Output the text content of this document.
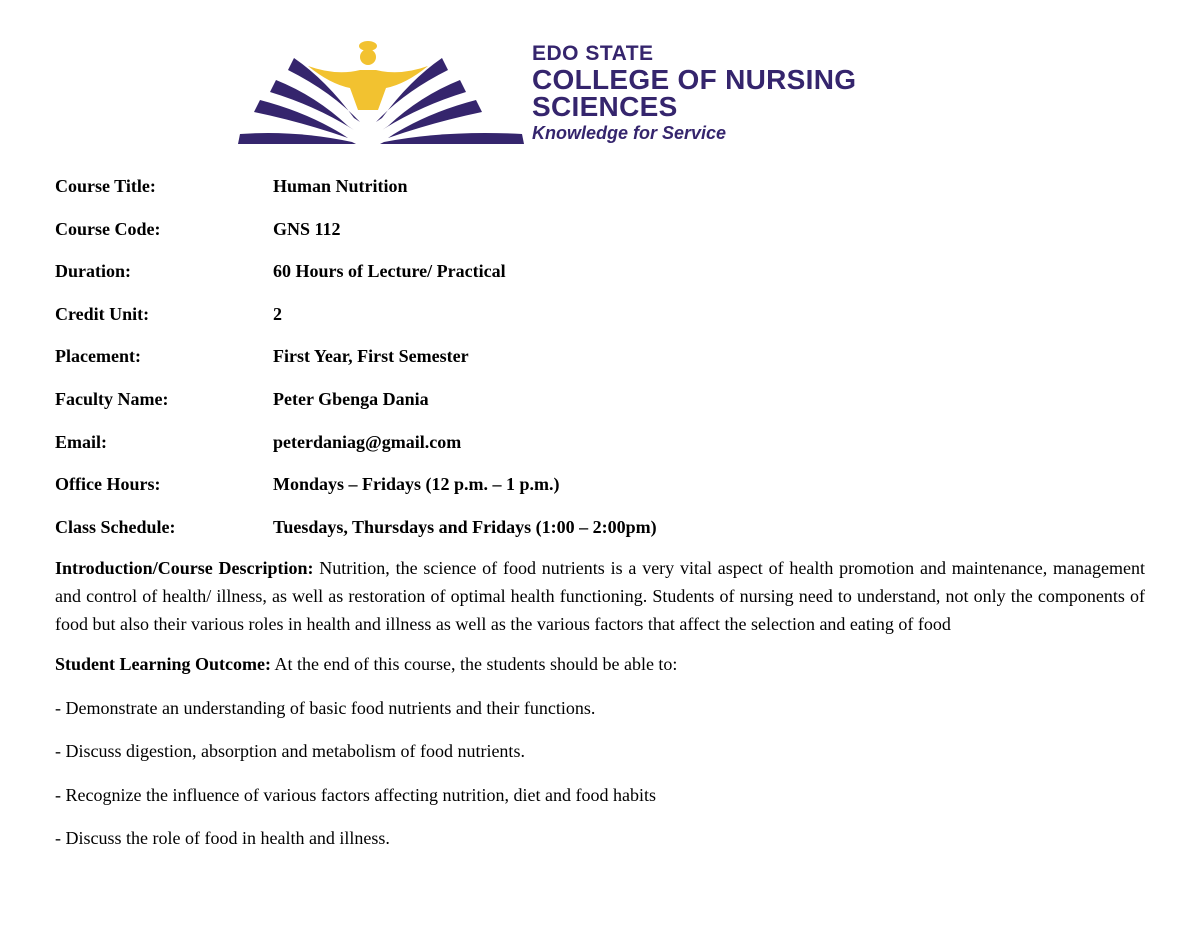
EDO STATE
COLLEGE OF NURSING
SCIENCES
Knowledge for Service
Course Title:	Human Nutrition
Course Code:	GNS 112
Duration:	60 Hours of Lecture/ Practical
Credit Unit:	2
Placement:	First Year, First Semester
Faculty Name:	Peter Gbenga Dania
Email:	peterdaniag@gmail.com
Office Hours:	Mondays – Fridays (12 p.m. – 1 p.m.)
Class Schedule:	Tuesdays, Thursdays and Fridays (1:00 – 2:00pm)

Introduction/Course Description: Nutrition, the science of food nutrients is a very vital aspect of health promotion and maintenance, management and control of health/ illness, as well as restoration of optimal health functioning. Students of nursing need to understand, not only the components of food but also their various roles in health and illness as well as the various factors that affect the selection and eating of food

Student Learning Outcome: At the end of this course, the students should be able to:

- Demonstrate an understanding of basic food nutrients and their functions.

- Discuss digestion, absorption and metabolism of food nutrients.

- Recognize the influence of various factors affecting nutrition, diet and food habits

- Discuss the role of food in health and illness.
